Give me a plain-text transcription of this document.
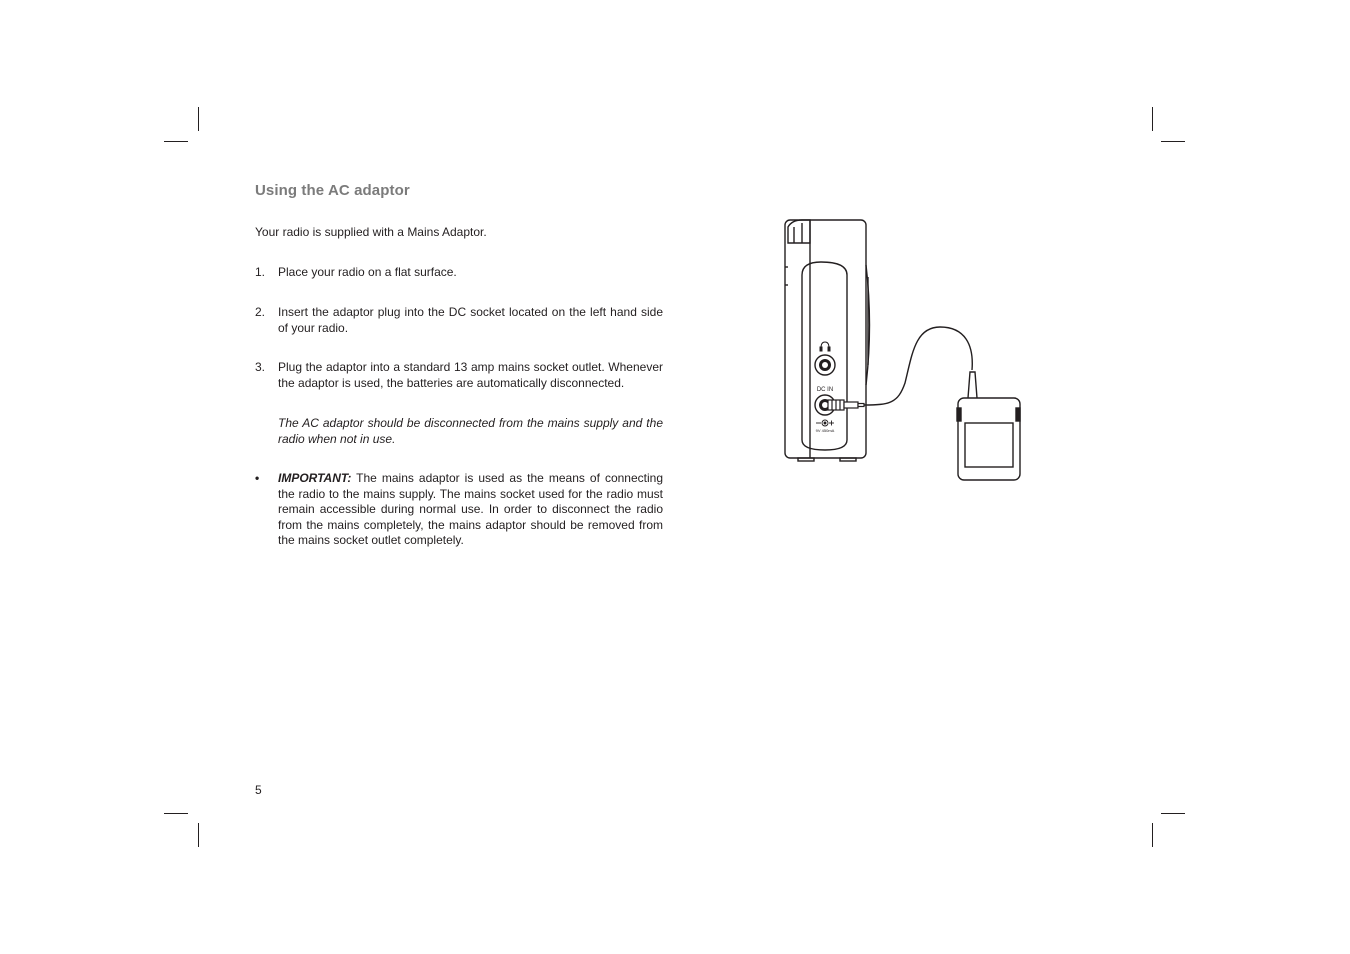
Using the AC adaptor
Your radio is supplied with a Mains Adaptor.
1. Place your radio on a flat surface.
2. Insert the adaptor plug into the DC socket located on the left hand side of your radio.
3. Plug the adaptor into a standard 13 amp mains socket outlet. Whenever the adaptor is used, the batteries are automatically disconnected.
The AC adaptor should be disconnected from the mains supply and the radio when not in use.
• IMPORTANT: The mains adaptor is used as the means of connecting the radio to the mains supply. The mains socket used for the radio must remain accessible during normal use. In order to disconnect the radio from the mains completely, the mains adaptor should be removed from the mains socket outlet completely.
5
DC IN
9V 450mA
